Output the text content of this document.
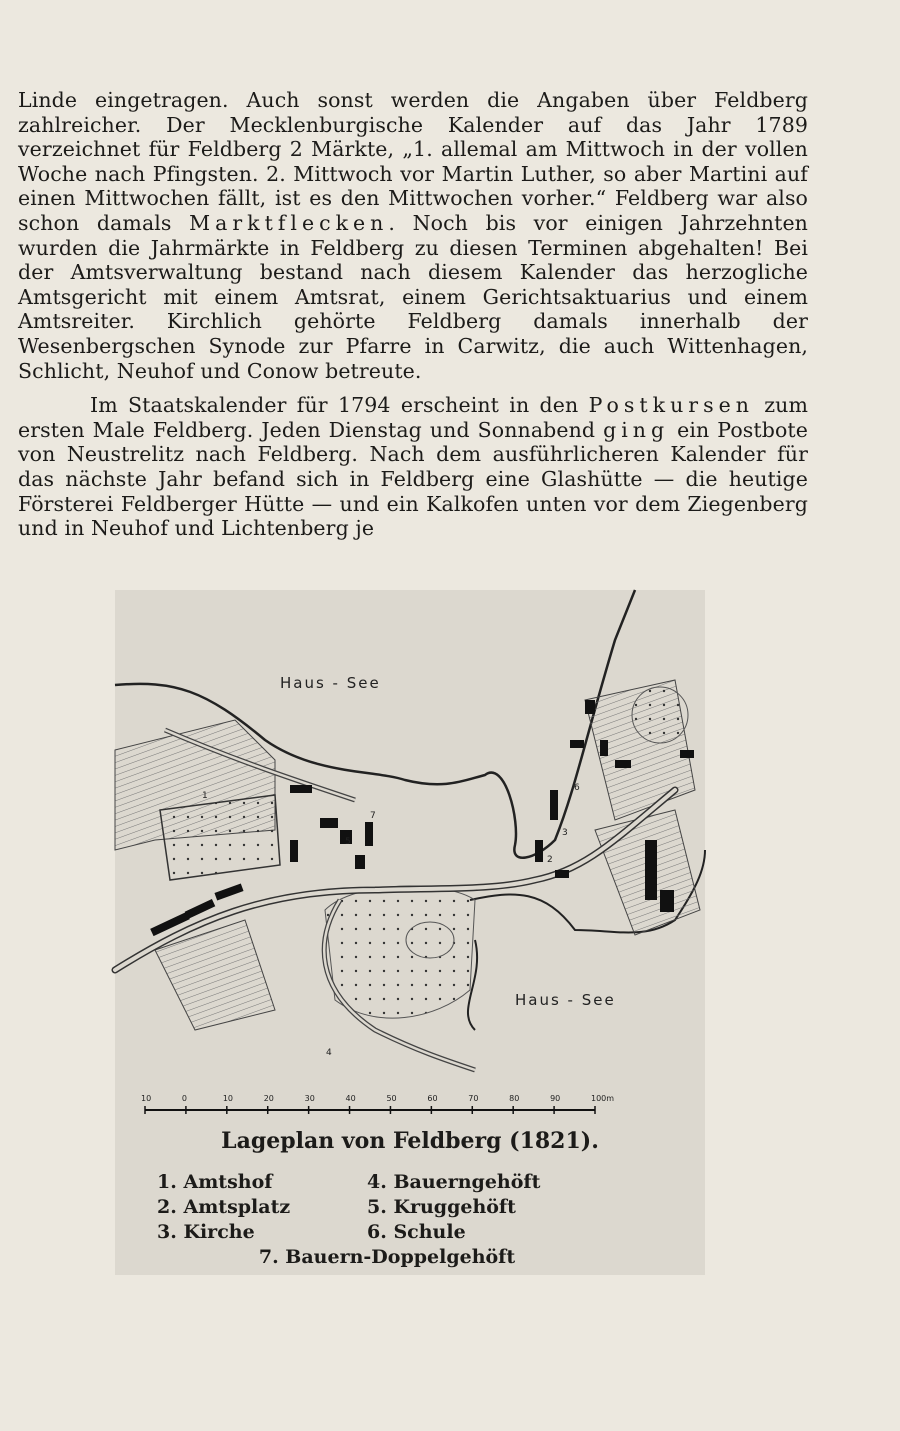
Linde eingetragen. Auch sonst werden die Angaben über Feldberg zahlreicher. Der Mecklenburgische Kalender auf das Jahr 1789 verzeichnet für Feldberg 2 Märkte, „1. allemal am Mittwoch in der vollen Woche nach Pfingsten. 2. Mittwoch vor Martin Luther, so aber Martini auf einen Mittwochen fällt, ist es den Mittwochen vorher.“ Feldberg war also schon damals Marktflecken. Noch bis vor einigen Jahrzehnten wurden die Jahrmärkte in Feldberg zu diesen Terminen abgehalten! Bei der Amtsverwaltung bestand nach diesem Kalender das herzogliche Amtsgericht mit einem Amtsrat, einem Gerichtsaktuarius und einem Amtsreiter. Kirchlich gehörte Feldberg damals innerhalb der Wesenbergschen Synode zur Pfarre in Carwitz, die auch Wittenhagen, Schlicht, Neuhof und Conow betreute.

Im Staatskalender für 1794 erscheint in den Postkursen zum ersten Male Feldberg. Jeden Dienstag und Sonnabend ging ein Postbote von Neustrelitz nach Feldberg. Nach dem ausführlicheren Kalender für das nächste Jahr befand sich in Feldberg eine Glashütte — die heutige Försterei Feldberger Hütte — und ein Kalkofen unten vor dem Ziegenberg und in Neuhof und Lichtenberg je

Haus - See
Haus - See
1
2
3
4
5
6
7
10	0	10	20	30	40	50	60	70	80	90	100m
Lageplan von Feldberg (1821).
1. Amtshof	4. Bauerngehöft
2. Amtsplatz	5. Kruggehöft
3. Kirche	6. Schule
7. Bauern-Doppelgehöft
